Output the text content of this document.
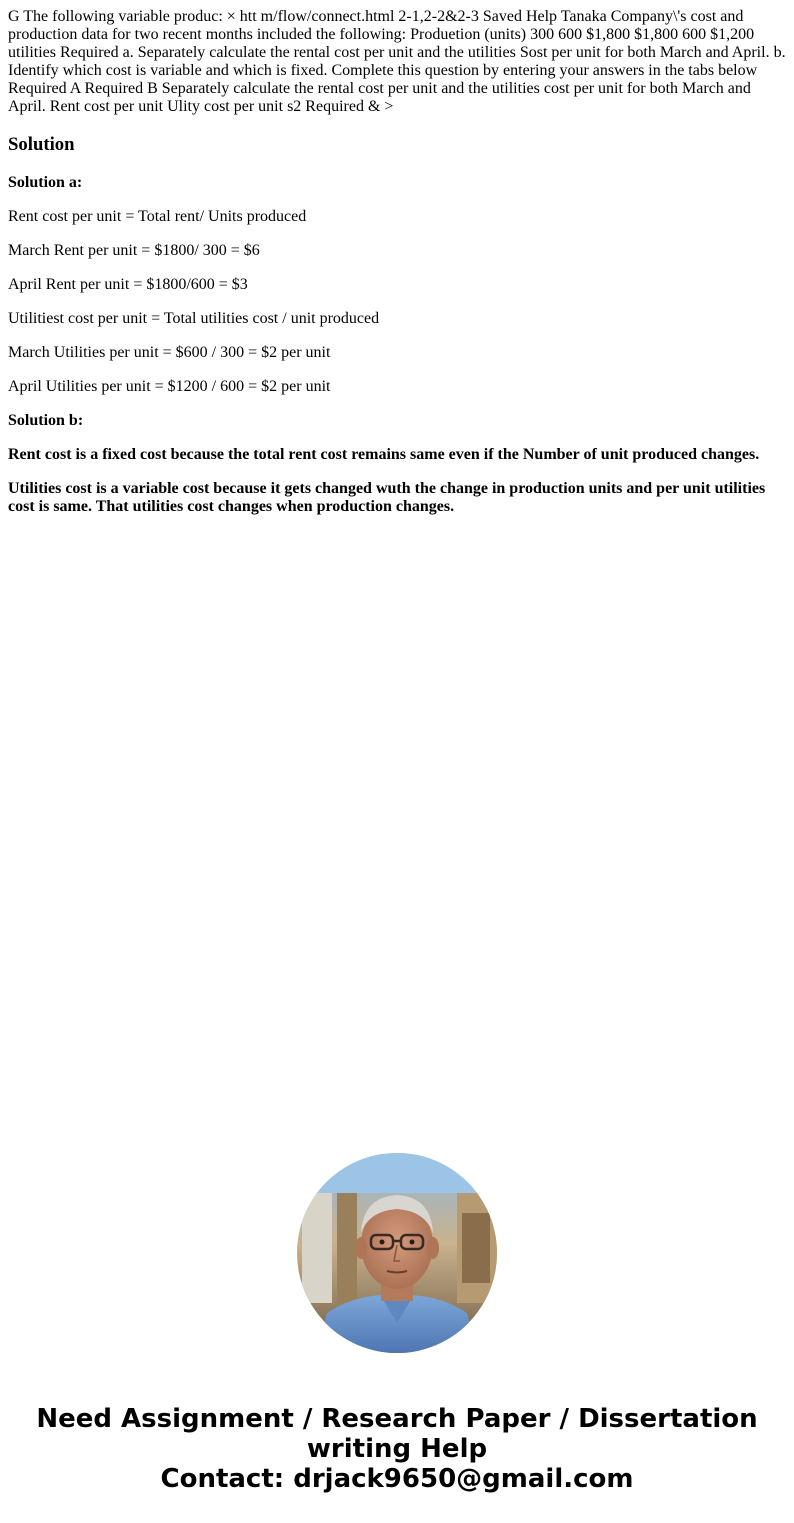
G The following variable produc: × htt m/flow/connect.html 2-1,2-2&2-3 Saved Help Tanaka Company\'s cost and production data for two recent months included the following: Produetion (units) 300 600 $1,800 $1,800 600 $1,200 utilities Required a. Separately calculate the rental cost per unit and the utilities Sost per unit for both March and April. b. Identify which cost is variable and which is fixed. Complete this question by entering your answers in the tabs below Required A Required B Separately calculate the rental cost per unit and the utilities cost per unit for both March and April. Rent cost per unit Ulity cost per unit s2 Required & >
Solution

Solution a:

Rent cost per unit = Total rent/ Units produced

March Rent per unit = $1800/ 300 = $6

April Rent per unit = $1800/600 = $3

Utilitiest cost per unit = Total utilities cost / unit produced

March Utilities per unit = $600 / 300 = $2 per unit

April Utilities per unit = $1200 / 600 = $2 per unit

Solution b:

Rent cost is a fixed cost because the total rent cost remains same even if the Number of unit produced changes.

Utilities cost is a variable cost because it gets changed wuth the change in production units and per unit utilities cost is same. That utilities cost changes when production changes.

Need Assignment / Research Paper / Dissertation
writing Help
Contact: drjack9650@gmail.com
